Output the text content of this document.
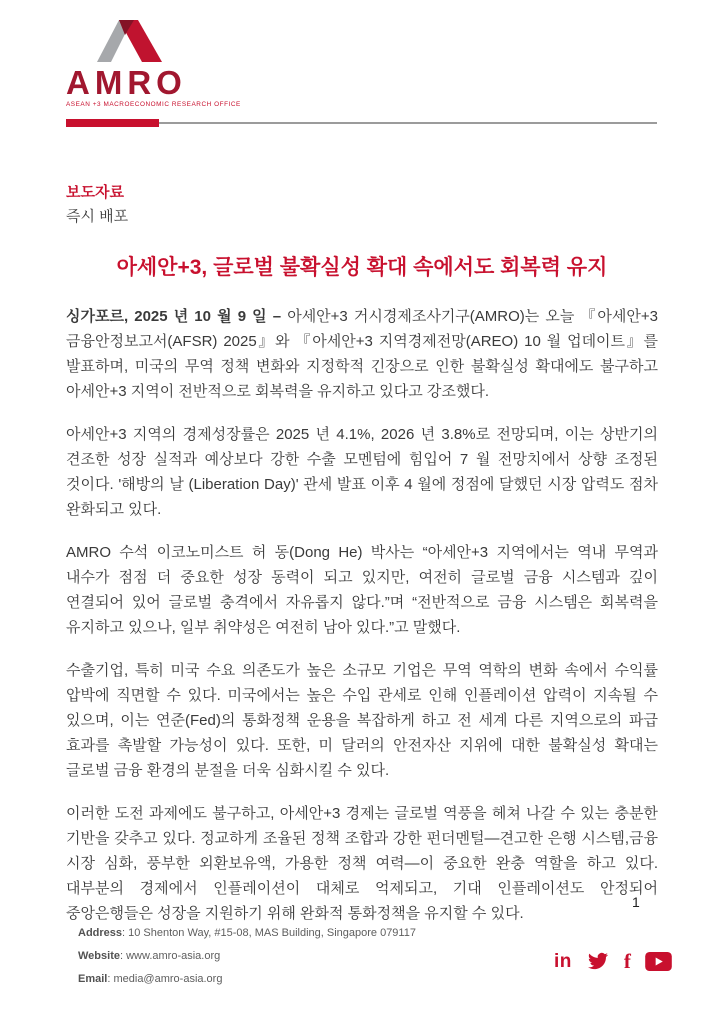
AMRO
ASEAN +3 MACROECONOMIC RESEARCH OFFICE
보도자료
즉시 배포
아세안+3, 글로벌 불확실성 확대 속에서도 회복력 유지

싱가포르, 2025 년 10 월 9 일 – 아세안+3 거시경제조사기구(AMRO)는 오늘 『아세안+3 금융안정보고서(AFSR) 2025』와 『아세안+3 지역경제전망(AREO) 10 월 업데이트』를 발표하며, 미국의 무역 정책 변화와 지정학적 긴장으로 인한 불확실성 확대에도 불구하고 아세안+3 지역이 전반적으로 회복력을 유지하고 있다고 강조했다.

아세안+3 지역의 경제성장률은 2025 년 4.1%, 2026 년 3.8%로 전망되며, 이는 상반기의 견조한 성장 실적과 예상보다 강한 수출 모멘텀에 힘입어 7 월 전망치에서 상향 조정된 것이다. '해방의 날 (Liberation Day)' 관세 발표 이후 4 월에 정점에 달했던 시장 압력도 점차 완화되고 있다.

AMRO 수석 이코노미스트 허 동(Dong He) 박사는 “아세안+3 지역에서는 역내 무역과 내수가 점점 더 중요한 성장 동력이 되고 있지만, 여전히 글로벌 금융 시스템과 깊이 연결되어 있어 글로벌 충격에서 자유롭지 않다.”며 “전반적으로 금융 시스템은 회복력을 유지하고 있으나, 일부 취약성은 여전히 남아 있다.”고 말했다.

수출기업, 특히 미국 수요 의존도가 높은 소규모 기업은 무역 역학의 변화 속에서 수익률 압박에 직면할 수 있다. 미국에서는 높은 수입 관세로 인해 인플레이션 압력이 지속될 수 있으며, 이는 연준(Fed)의 통화정책 운용을 복잡하게 하고 전 세계 다른 지역으로의 파급 효과를 촉발할 가능성이 있다. 또한, 미 달러의 안전자산 지위에 대한 불확실성 확대는 글로벌 금융 환경의 분절을 더욱 심화시킬 수 있다.

이러한 도전 과제에도 불구하고, 아세안+3 경제는 글로벌 역풍을 헤쳐 나갈 수 있는 충분한 기반을 갖추고 있다. 정교하게 조율된 정책 조합과 강한 펀더멘털—견고한 은행 시스템,금융 시장 심화, 풍부한 외환보유액, 가용한 정책 여력—이 중요한 완충 역할을 하고 있다. 대부분의 경제에서 인플레이션이 대체로 억제되고, 기대 인플레이션도 안정되어 중앙은행들은 성장을 지원하기 위해 완화적 통화정책을 유지할 수 있다.

1
Address: 10 Shenton Way, #15-08, MAS Building, Singapore 079117
Website: www.amro-asia.org
Email: media@amro-asia.org
in f
